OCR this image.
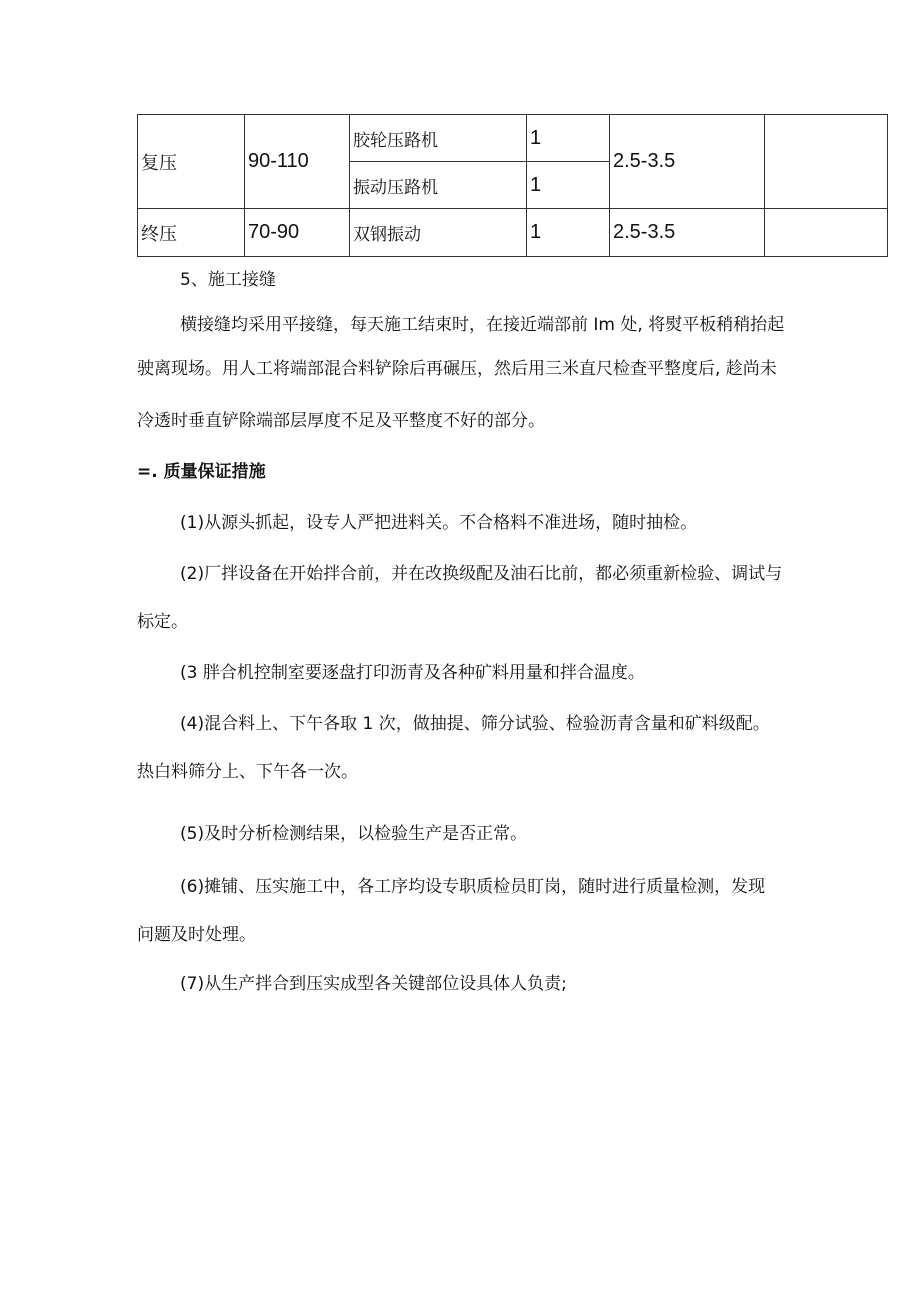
复压	90-110	胶轮压路机	1	2.5-3.5	
		振动压路机	1		
终压	70-90	双钢振动	1	2.5-3.5	
5、施工接缝
横接缝均采用平接缝，每天施工结束时，在接近端部前 Im 处, 将熨平板稍稍抬起
驶离现场。用人工将端部混合料铲除后再碾压，然后用三米直尺检查平整度后, 趁尚未
冷透时垂直铲除端部层厚度不足及平整度不好的部分。
=. 质量保证措施
(1)从源头抓起，设专人严把进料关。不合格料不准进场，随时抽检。
(2)厂拌设备在开始拌合前，并在改换级配及油石比前，都必须重新检验、调试与
标定。
(3 胖合机控制室要逐盘打印沥青及各种矿料用量和拌合温度。
(4)混合料上、下午各取 1 次，做抽提、筛分试验、检验沥青含量和矿料级配。
热白料筛分上、下午各一次。
(5)及时分析检测结果，以检验生产是否正常。
(6)摊铺、压实施工中，各工序均设专职质检员盯岗，随时进行质量检测，发现
问题及时处理。
(7)从生产拌合到压实成型各关键部位设具体人负责;
